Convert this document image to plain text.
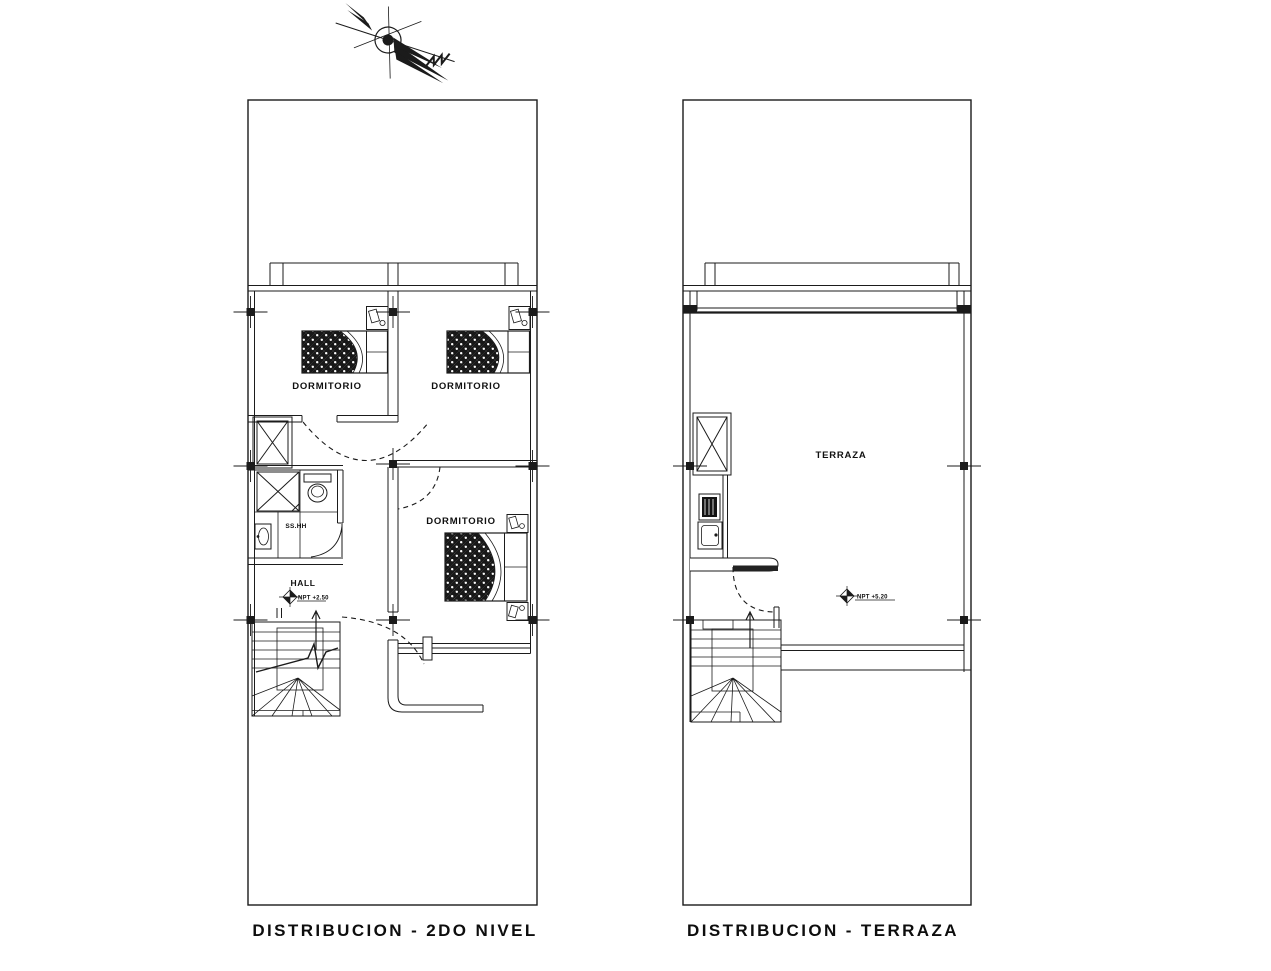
SS.HH
DORMITORIO	DORMITORIO
HALL
NPT +2.50
DORMITORIO
TERRAZA
NPT +5.20
DISTRIBUCION - 2DO NIVEL	DISTRIBUCION - TERRAZA
